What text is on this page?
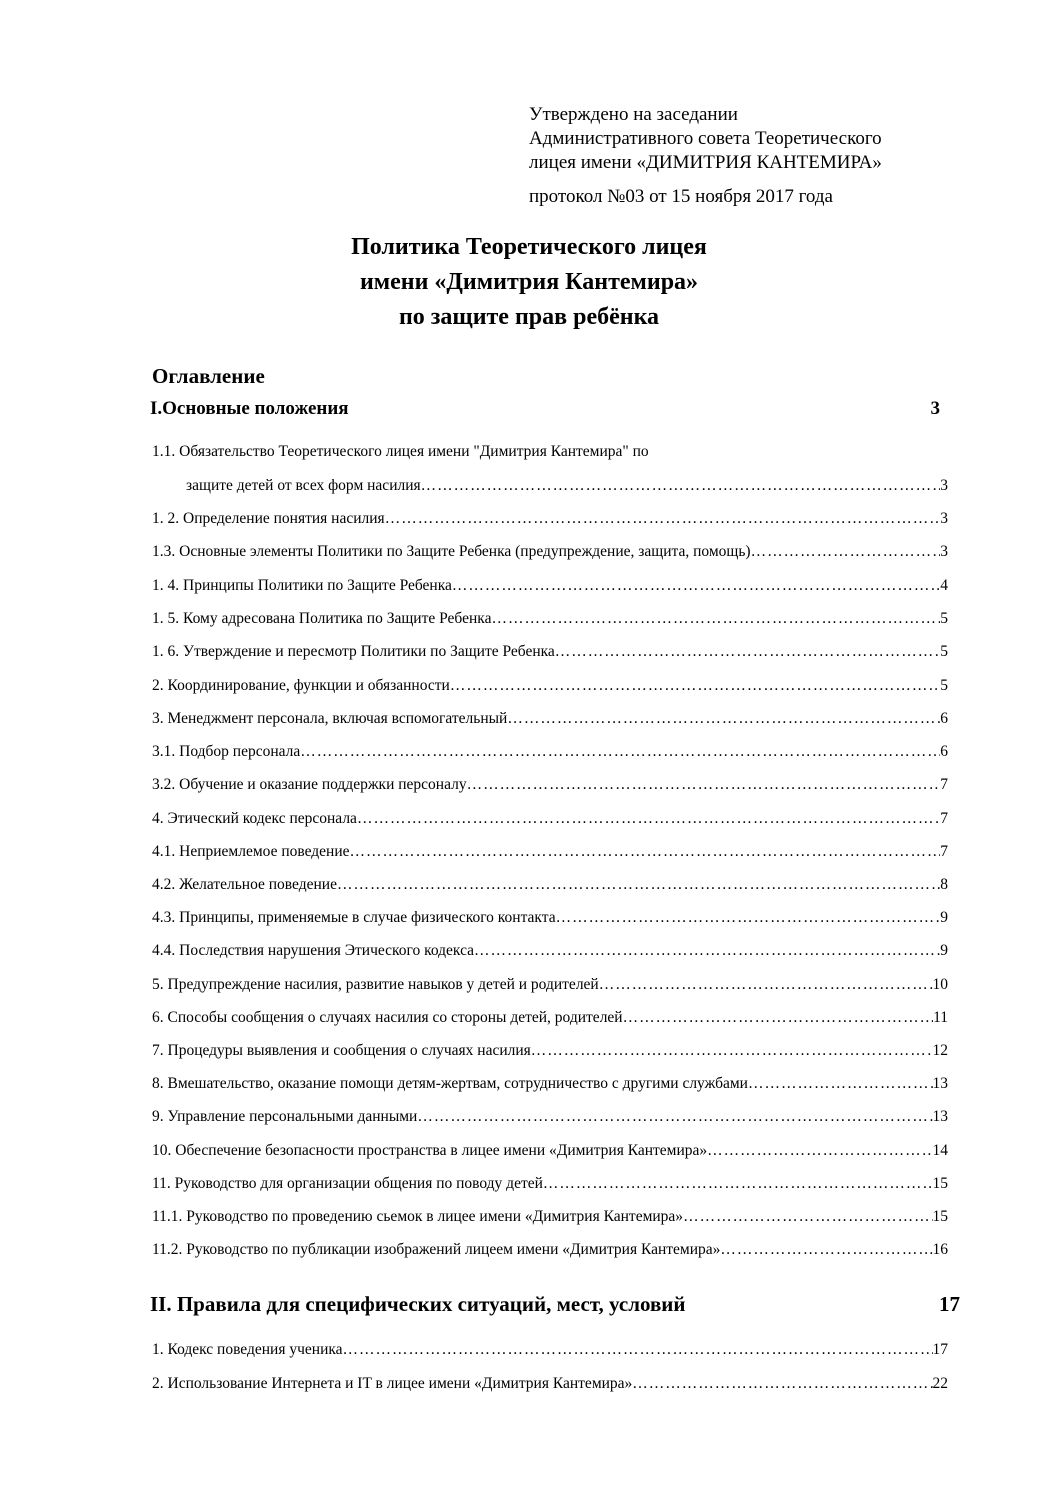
Утверждено на заседании
Административного совета Теоретического
лицея имени «ДИМИТРИЯ КАНТЕМИРА»
протокол №03 от 15 ноября 2017 года
Политика Теоретического лицея
имени «Димитрия Кантемира»
по защите прав ребёнка
Оглавление
I.Основные положения	3
1.1. Обязательство Теоретического лицея имени "Димитрия Кантемира" по
защите детей от всех форм насилия ……………………………………………………………………………………………………………	3
1. 2. Определение понятия насилия ……………………………………………………………………………………………………………	3
1.3. Основные элементы Политики по Защите Ребенка (предупреждение, защита, помощь) ……………………………………………………………………………………………………………	3
1. 4. Принципы Политики по Защите Ребенка ……………………………………………………………………………………………………………	4
1. 5. Кому адресована Политика по Защите Ребенка ……………………………………………………………………………………………………………	5
1. 6. Утверждение и пересмотр Политики по Защите Ребенка ……………………………………………………………………………………………………………	5
2. Координирование, функции и обязанности ……………………………………………………………………………………………………………	5
3. Менеджмент персонала, включая вспомогательный ……………………………………………………………………………………………………………	6
3.1. Подбор персонала ……………………………………………………………………………………………………………	6
3.2. Обучение и оказание поддержки персоналу ……………………………………………………………………………………………………………	7
4. Этический кодекс персонала ……………………………………………………………………………………………………………	7
4.1. Неприемлемое поведение ……………………………………………………………………………………………………………	7
4.2. Желательное поведение ……………………………………………………………………………………………………………	8
4.3. Принципы, применяемые в случае физического контакта ……………………………………………………………………………………………………………	9
4.4. Последствия нарушения Этического кодекса ……………………………………………………………………………………………………………	9
5. Предупреждение насилия, развитие навыков у детей и родителей ……………………………………………………………………………………………………………	10
6. Способы сообщения о случаях насилия со стороны детей, родителей ……………………………………………………………………………………………………………	11
7. Процедуры выявления и сообщения о случаях насилия ……………………………………………………………………………………………………………	12
8. Вмешательство, оказание помощи детям-жертвам, сотрудничество с другими службами ……………………………………………………………………………………………………………	13
9. Управление персональными данными ……………………………………………………………………………………………………………	13
10. Обеспечение безопасности пространства в лицее имени «Димитрия Кантемира» ……………………………………………………………………………………………………………	14
11. Руководство для организации общения по поводу детей ……………………………………………………………………………………………………………	15
11.1. Руководство по проведению сьемок в лицее имени «Димитрия Кантемира» ……………………………………………………………………………………………………………	15
11.2. Руководство по публикации изображений лицеем имени «Димитрия Кантемира» ……………………………………………………………………………………………………………	16
II. Правила для специфических ситуаций, мест, условий	17
1. Кодекс поведения ученика ……………………………………………………………………………………………………………	17
2. Использование Интернета и IT в лицее имени «Димитрия Кантемира» ……………………………………………………………………………………………………………	22
